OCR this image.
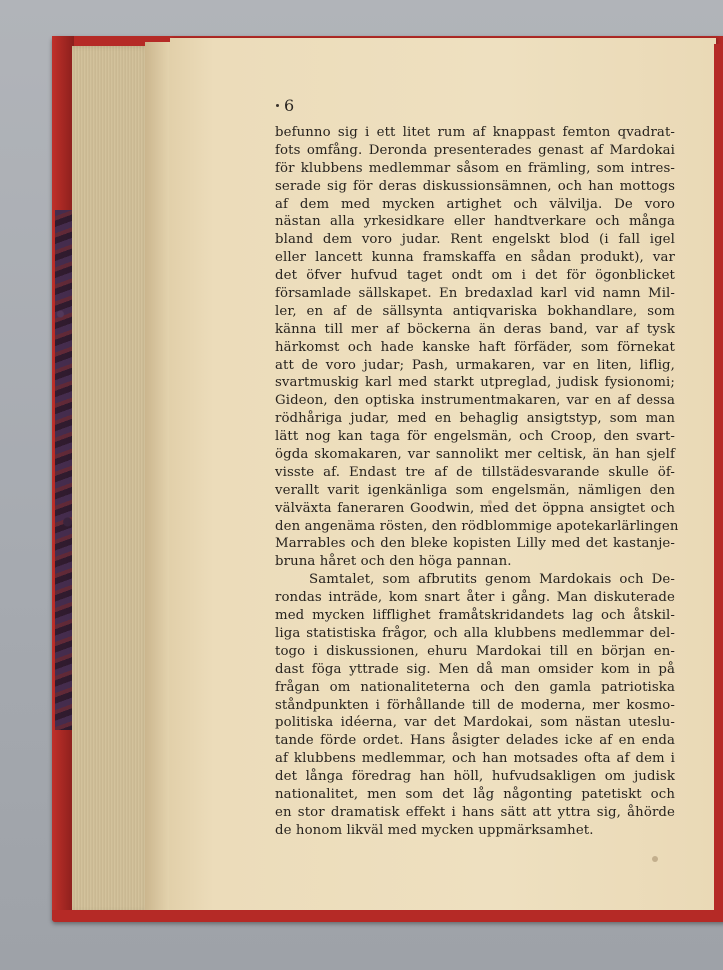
6
befunno sig i ett litet rum af knappast femton qvadrat-
fots omfång. Deronda presenterades genast af Mardokai
för klubbens medlemmar såsom en främling, som intres-
serade sig för deras diskussionsämnen, och han mottogs
af dem med mycken artighet och välvilja. De voro
nästan alla yrkesidkare eller handtverkare och många
bland dem voro judar. Rent engelskt blod (i fall igel
eller lancett kunna framskaffa en sådan produkt), var
det öfver hufvud taget ondt om i det för ögonblicket
församlade sällskapet. En bredaxlad karl vid namn Mil-
ler, en af de sällsynta antiqvariska bokhandlare, som
känna till mer af böckerna än deras band, var af tysk
härkomst och hade kanske haft förfäder, som förnekat
att de voro judar; Pash, urmakaren, var en liten, liflig,
svartmuskig karl med starkt utpreglad, judisk fysionomi;
Gideon, den optiska instrumentmakaren, var en af dessa
rödhåriga judar, med en behaglig ansigtstyp, som man
lätt nog kan taga för engelsmän, och Croop, den svart-
ögda skomakaren, var sannolikt mer celtisk, än han sjelf
visste af. Endast tre af de tillstädesvarande skulle öf-
verallt varit igenkänliga som engelsmän, nämligen den
välväxta faneraren Goodwin, med det öppna ansigtet och
den angenäma rösten, den rödblommige apotekarlärlingen
Marrables och den bleke kopisten Lilly med det kastanje-
bruna håret och den höga pannan.
Samtalet, som afbrutits genom Mardokais och De-
rondas inträde, kom snart åter i gång. Man diskuterade
med mycken lifflighet framåtskridandets lag och åtskil-
liga statistiska frågor, och alla klubbens medlemmar del-
togo i diskussionen, ehuru Mardokai till en början en-
dast föga yttrade sig. Men då man omsider kom in på
frågan om nationaliteterna och den gamla patriotiska
ståndpunkten i förhållande till de moderna, mer kosmo-
politiska idéerna, var det Mardokai, som nästan uteslu-
tande förde ordet. Hans åsigter delades icke af en enda
af klubbens medlemmar, och han motsades ofta af dem i
det långa föredrag han höll, hufvudsakligen om judisk
nationalitet, men som det låg någonting patetiskt och
en stor dramatisk effekt i hans sätt att yttra sig, åhörde
de honom likväl med mycken uppmärksamhet.
